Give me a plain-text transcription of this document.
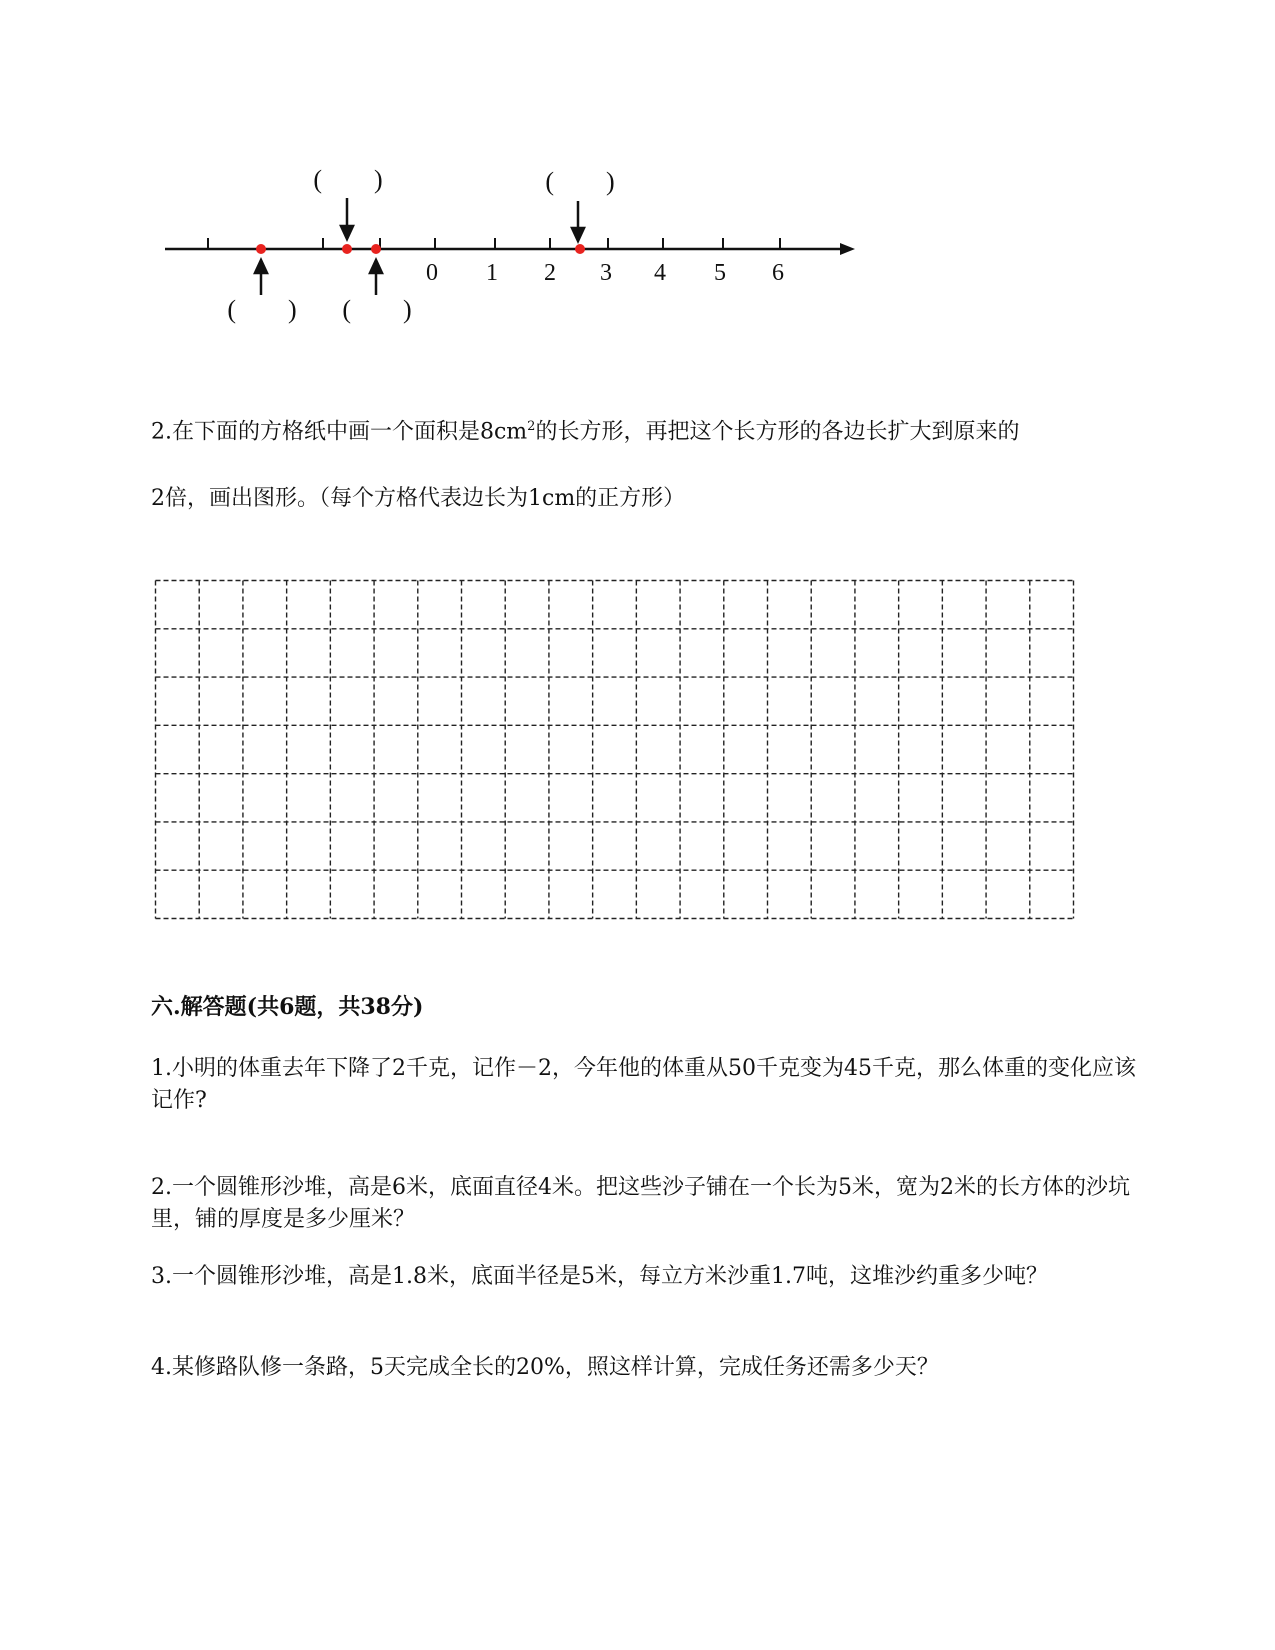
0 1 2 3 4 5 6
(　　)	(　　)
(　　) (　　)
2.在下面的方格纸中画一个面积是$8cm^2$的长方形，再把这个长方形的各边长扩大到原来的
2倍，画出图形。（每个方格代表边长为1cm的正方形）
六.解答题(共6题，共38分)
1.小明的体重去年下降了2千克，记作－2，今年他的体重从50千克变为45千克，那么体重的变化应该记作?
2.一个圆锥形沙堆，高是6米，底面直径4米。把这些沙子铺在一个长为5米，宽为2米的长方体的沙坑里，铺的厚度是多少厘米？
3.一个圆锥形沙堆，高是1.8米，底面半径是5米，每立方米沙重1.7吨，这堆沙约重多少吨？
4.某修路队修一条路，5天完成全长的20%，照这样计算，完成任务还需多少天？
